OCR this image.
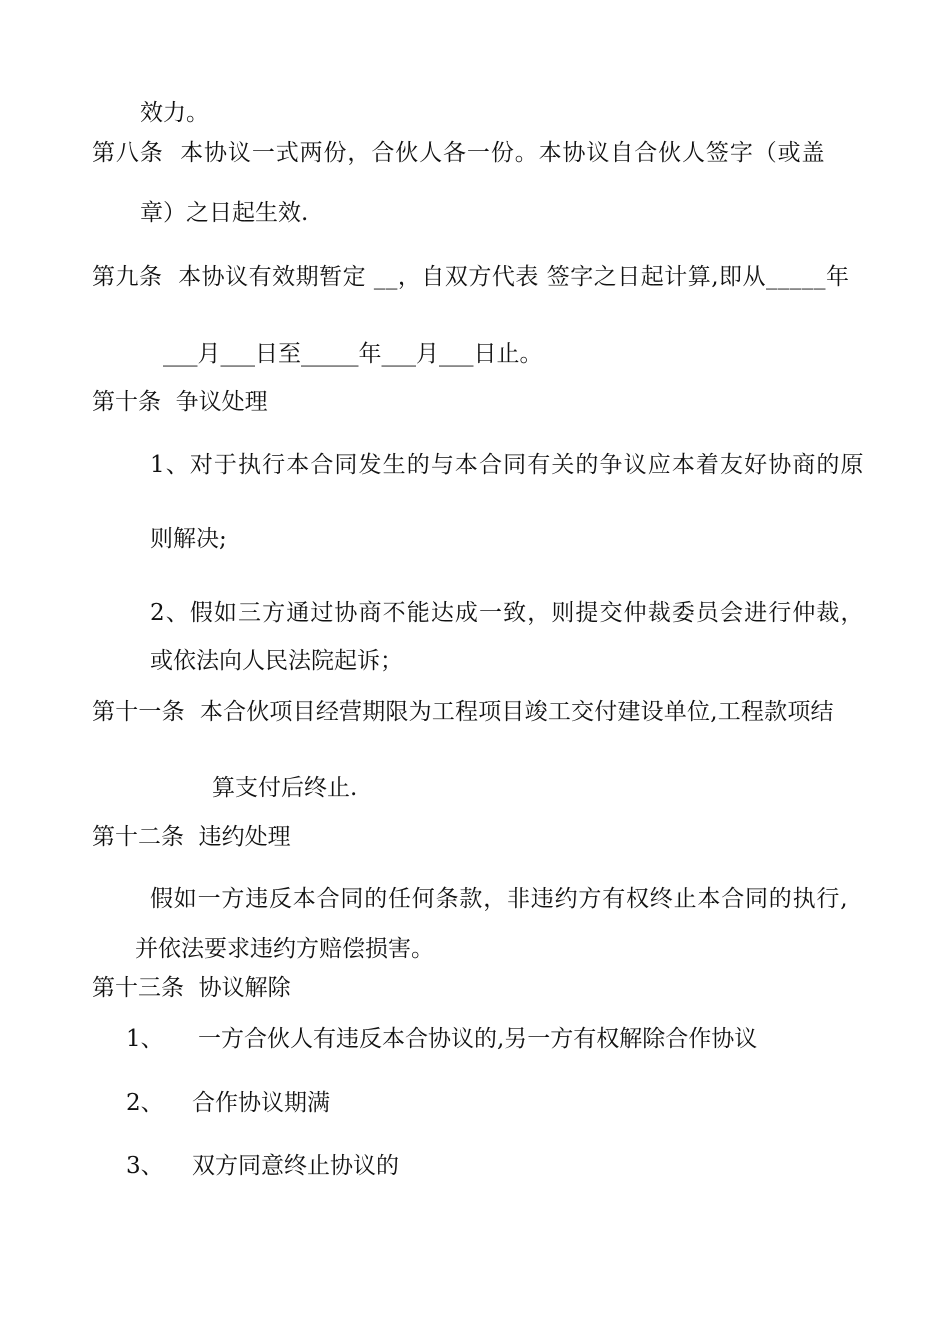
效力。
第八条  本协议一式两份，合伙人各一份。本协议自合伙人签字（或盖
章）之日起生效.
第九条  本协议有效期暂定 __，自双方代表 签字之日起计算,即从_____年
___月___日至_____年___月___日止。
第十条  争议处理
1、对于执行本合同发生的与本合同有关的争议应本着友好协商的原
则解决;
2、假如三方通过协商不能达成一致，则提交仲裁委员会进行仲裁，
或依法向人民法院起诉；
第十一条  本合伙项目经营期限为工程项目竣工交付建设单位,工程款项结
算支付后终止.
第十二条  违约处理
假如一方违反本合同的任何条款，非违约方有权终止本合同的执行,
并依法要求违约方赔偿损害。
第十三条  协议解除
1、 一方合伙人有违反本合协议的,另一方有权解除合作协议
2、 合作协议期满
3、 双方同意终止协议的
